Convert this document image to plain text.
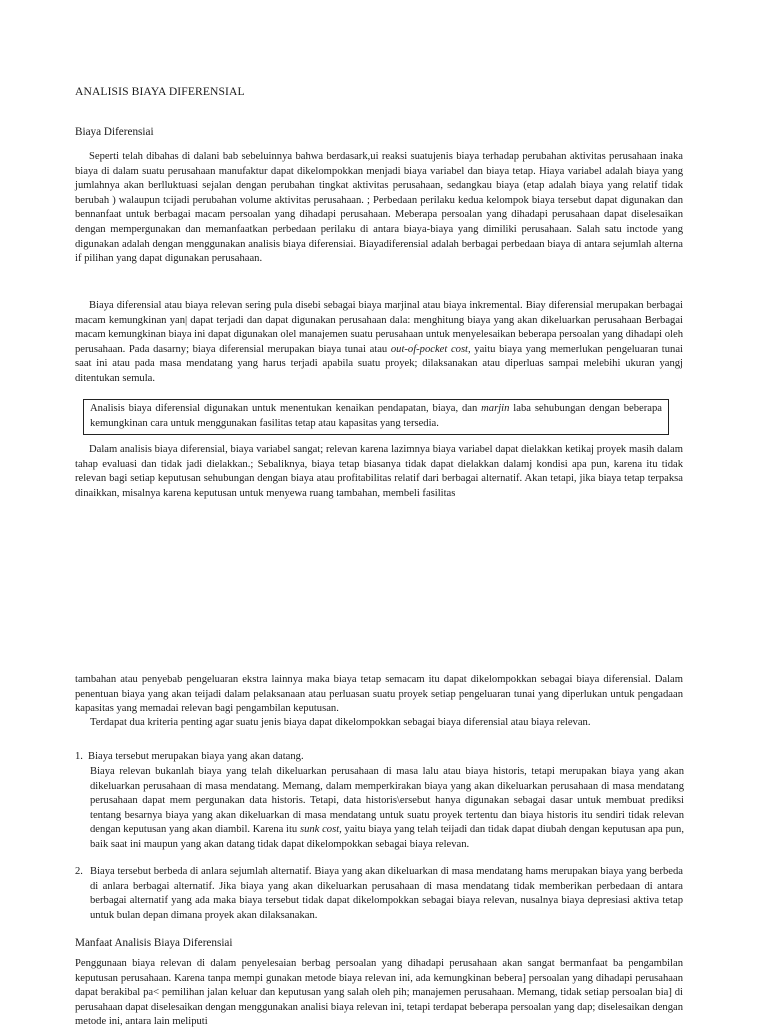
ANALISIS BIAYA DIFERENSIAL
Biaya Diferensiai

Seperti telah dibahas di dalani bab sebeluinnya bahwa berdasark,ui reaksi suatujenis biaya terhadap perubahan aktivitas perusahaan inaka biaya di dalam suatu perusahaan manufaktur dapat dikelompokkan menjadi biaya variabel dan biaya tetap. Hiaya variabel adalah biaya yang jumlahnya akan berlluktuasi sejalan dengan perubahan tingkat aktivitas perusahaan, sedangkau biaya (etap adalah biaya yang relatif tidak berubah ) walaupun tcijadi perubahan volume aktivitas perusahaan. ; Perbedaan perilaku kedua kelompok biaya tersebut dapat digunakan dan bennanfaat untuk berbagai macam persoalan yang dihadapi perusahaan. Meberapa persoalan yang dihadapi perusahaan dapat diselesaikan dengan mempergunakan dan memanfaatkan perbedaan perilaku di antara biaya-biaya yang dimiliki perusahaan. Salah satu inctode yang digunakan adalah dengan menggunakan analisis biaya diferensiai. Biayadiferensial adalah berbagai perbedaan biaya di antara sejumlah alterna if pilihan yang dapat digunakan perusahaan.

Biaya diferensial atau biaya relevan sering pula disebi sebagai biaya marjinal atau biaya inkremental. Biay diferensial merupakan berbagai macam kemungkinan yan| dapat terjadi dan dapat digunakan perusahaan dala: menghitung biaya yang akan dikeluarkan perusahaan Berbagai macam kemungkinan biaya ini dapat digunakan olel manajemen suatu perusahaan untuk menyelesaikan beberapa persoalan yang dihadapi oleh perusahaan. Pada dasarny; biaya diferensial merupakan biaya tunai atau out-of-pocket cost, yaitu biaya yang memerlukan pengeluaran tunai saat ini atau pada masa mendatang yang harus terjadi apabila suatu proyek; dilaksanakan atau diperluas sampai melebihi ukuran yangj ditentukan semula.

Analisis biaya diferensial digunakan untuk menentukan kenaikan pendapatan, biaya, dan marjin laba sehubungan dengan beberapa kemungkinan cara untuk menggunakan fasilitas tetap atau kapasitas yang tersedia.

Dalam analisis biaya diferensial, biaya variabel sangat; relevan karena lazimnya biaya variabel dapat dielakkan ketikaj proyek masih dalam tahap evaluasi dan tidak jadi dielakkan.; Sebaliknya, biaya tetap biasanya tidak dapat dielakkan dalamj kondisi apa pun, karena itu tidak relevan bagi setiap keputusan sehubungan dengan biaya atau profitabilitas relatif dari berbagai alternatif. Akan tetapi, jika biaya tetap terpaksa dinaikkan, misalnya karena keputusan untuk menyewa ruang tambahan, membeli fasilitas

tambahan atau penyebab pengeluaran ekstra lainnya maka biaya tetap semacam itu dapat dikelompokkan sebagai biaya diferensial. Dalam penentuan biaya yang akan teijadi dalam pelaksanaan atau perluasan suatu proyek setiap pengeluaran tunai yang diperlukan untuk pengadaan kapasitas yang memadai relevan bagi pengambilan keputusan.

Terdapat dua kriteria penting agar suatu jenis biaya dapat dikelompokkan sebagai biaya diferensial atau biaya relevan.
1. Biaya tersebut merupakan biaya yang akan datang.
Biaya relevan bukanlah biaya yang telah dikeluarkan perusahaan di masa lalu atau biaya historis, tetapi merupakan biaya yang akan dikeluarkan perusahaan di masa mendatang. Memang, dalam memperkirakan biaya yang akan dikeluarkan perusahaan di masa mendatang perusahaan dapat mem pergunakan data historis. Tetapi, data historis\ersebut hanya digunakan sebagai dasar untuk membuat prediksi tentang besarnya biaya yang akan dikeluarkan di masa mendatang untuk suatu proyek tertentu dan biaya historis itu sendiri tidak relevan dengan keputusan yang akan diambil. Karena itu sunk cost, yaitu biaya yang telah teijadi dan tidak dapat diubah dengan keputusan apa pun, baik saat ini maupun yang akan datang tidak dapat dikelompokkan sebagai biaya relevan.
2. Biaya tersebut berbeda di anlara sejumlah alternatif. Biaya yang akan dikeluarkan di masa mendatang hams merupakan biaya yang berbeda di anlara berbagai alternatif. Jika biaya yang akan dikeluarkan perusahaan di masa mendatang tidak memberikan perbedaan di antara berbagai alternatif yang ada maka biaya tersebut tidak dapat dikelompokkan sebagai biaya relevan, nusalnya biaya depresiasi aktiva tetap untuk bulan depan dimana proyek akan dilaksanakan.
Manfaat Analisis Biaya Diferensiai

Penggunaan biaya relevan di dalam penyelesaian berbag persoalan yang dihadapi perusahaan akan sangat bermanfaat ba pengambilan keputusan perusahaan. Karena tanpa mempi gunakan metode biaya relevan ini, ada kemungkinan bebera] persoalan yang dihadapi perusahaan dapat berakibal pa< pemilihan jalan keluar dan keputusan yang salah oleh pih; manajemen perusahaan. Memang, tidak setiap persoalan bia] di perusahaan dapat diselesaikan dengan menggunakan analisi biaya relevan ini, tetapi terdapat beberapa persoalan yang dap; diselesaikan dengan metode ini, antara lain meliputi
